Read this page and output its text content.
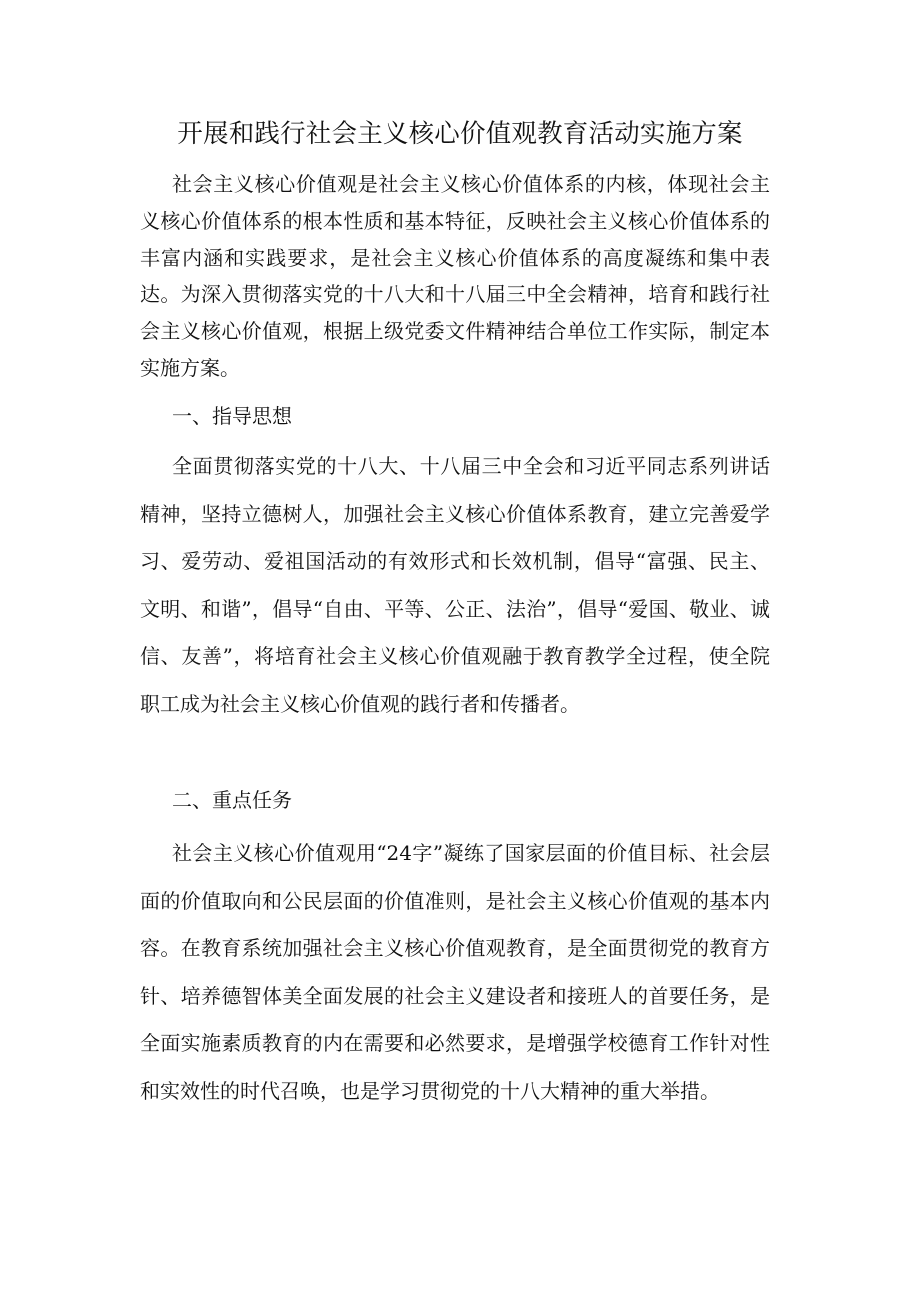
开展和践行社会主义核心价值观教育活动实施方案

社会主义核心价值观是社会主义核心价值体系的内核，体现社会主义核心价值体系的根本性质和基本特征，反映社会主义核心价值体系的丰富内涵和实践要求，是社会主义核心价值体系的高度凝练和集中表达。为深入贯彻落实党的十八大和十八届三中全会精神，培育和践行社会主义核心价值观，根据上级党委文件精神结合单位工作实际，制定本实施方案。

一、指导思想

全面贯彻落实党的十八大、十八届三中全会和习近平同志系列讲话精神，坚持立德树人，加强社会主义核心价值体系教育，建立完善爱学习、爱劳动、爱祖国活动的有效形式和长效机制，倡导“富强、民主、文明、和谐”，倡导“自由、平等、公正、法治”，倡导“爱国、敬业、诚信、友善”，将培育社会主义核心价值观融于教育教学全过程，使全院职工成为社会主义核心价值观的践行者和传播者。

二、重点任务

社会主义核心价值观用“24字”凝练了国家层面的价值目标、社会层面的价值取向和公民层面的价值准则，是社会主义核心价值观的基本内容。在教育系统加强社会主义核心价值观教育，是全面贯彻党的教育方针、培养德智体美全面发展的社会主义建设者和接班人的首要任务，是全面实施素质教育的内在需要和必然要求，是增强学校德育工作针对性和实效性的时代召唤，也是学习贯彻党的十八大精神的重大举措。
